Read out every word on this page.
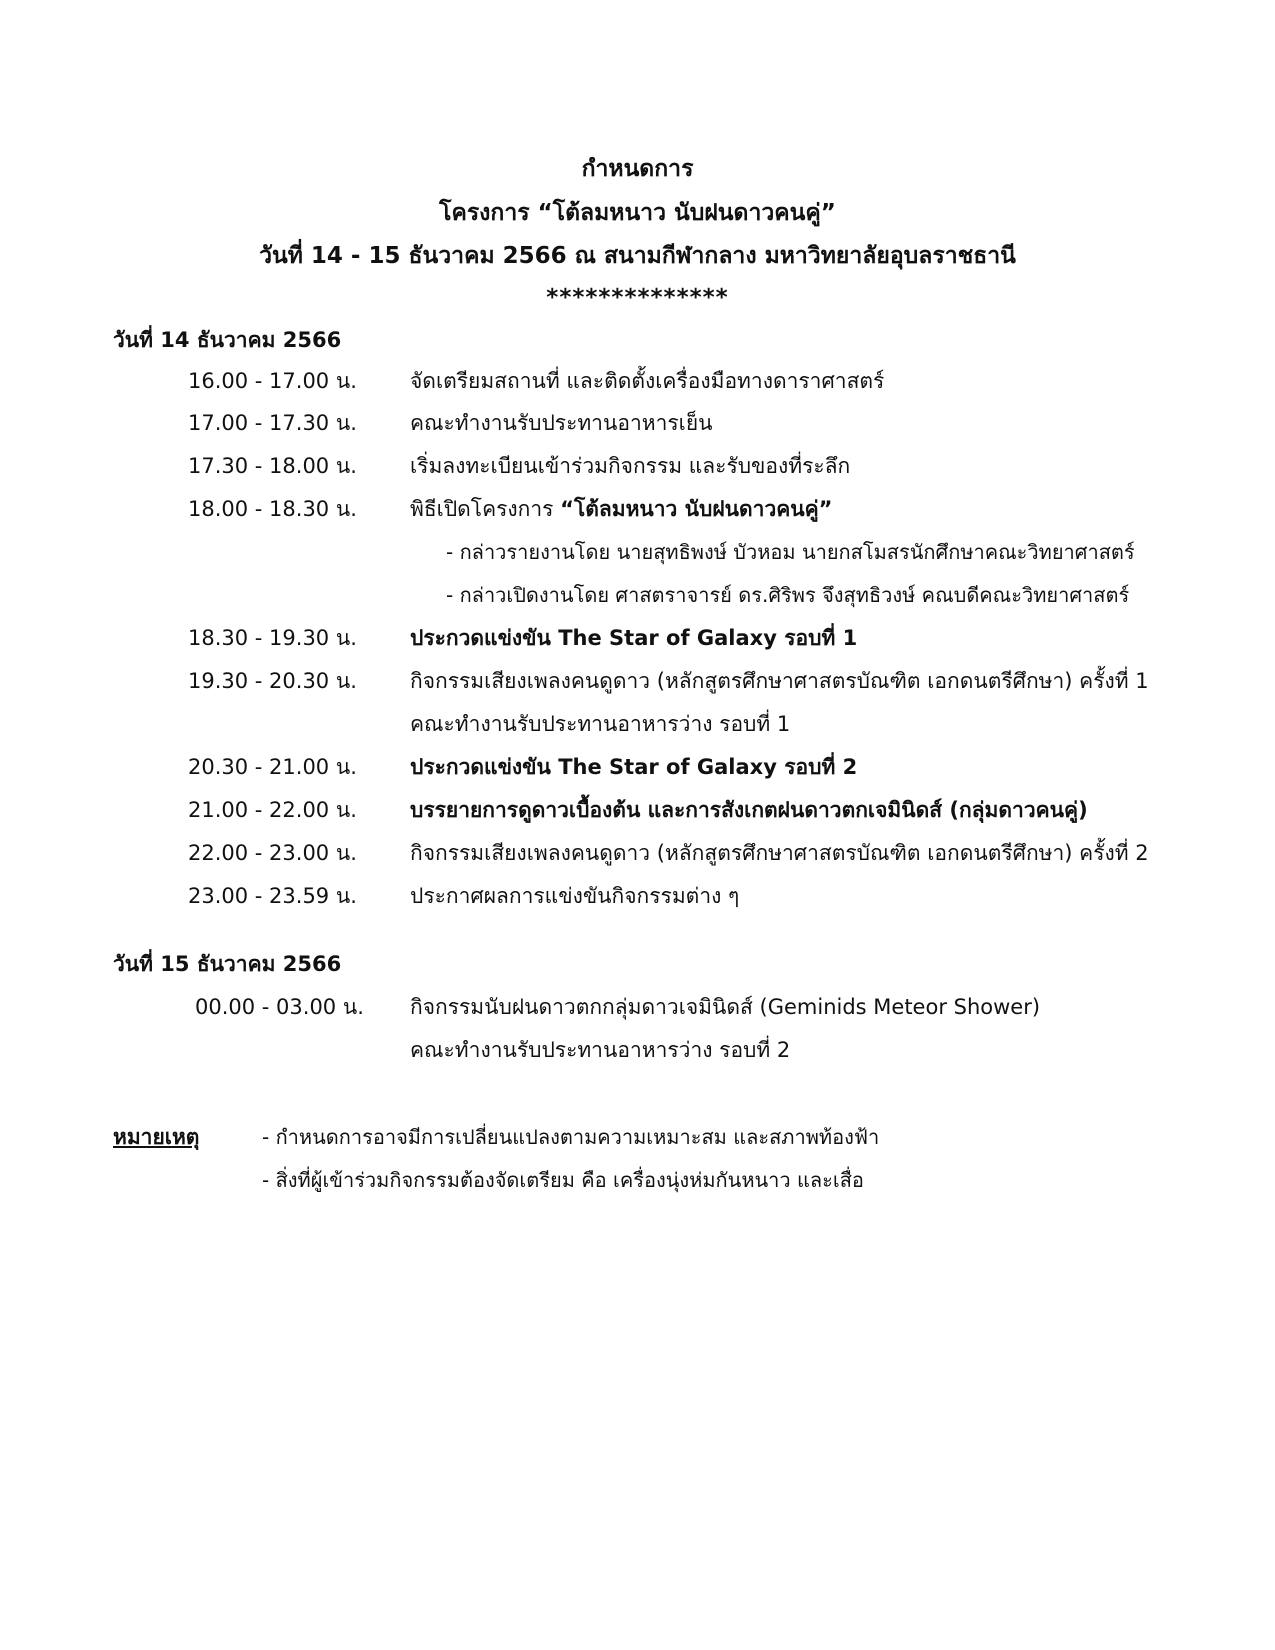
กำหนดการ
โครงการ “โต้ลมหนาว นับฝนดาวคนคู่”
วันที่ 14 - 15 ธันวาคม 2566 ณ สนามกีฬากลาง มหาวิทยาลัยอุบลราชธานี
**************
วันที่ 14 ธันวาคม 2566
16.00 - 17.00 น.	จัดเตรียมสถานที่ และติดตั้งเครื่องมือทางดาราศาสตร์
17.00 - 17.30 น.	คณะทำงานรับประทานอาหารเย็น
17.30 - 18.00 น.	เริ่มลงทะเบียนเข้าร่วมกิจกรรม และรับของที่ระลึก
18.00 - 18.30 น.	พิธีเปิดโครงการ “โต้ลมหนาว นับฝนดาวคนคู่”
- กล่าวรายงานโดย นายสุทธิพงษ์ บัวหอม นายกสโมสรนักศึกษาคณะวิทยาศาสตร์
- กล่าวเปิดงานโดย ศาสตราจารย์ ดร.ศิริพร จึงสุทธิวงษ์ คณบดีคณะวิทยาศาสตร์
18.30 - 19.30 น.	ประกวดแข่งขัน The Star of Galaxy รอบที่ 1
19.30 - 20.30 น.	กิจกรรมเสียงเพลงคนดูดาว (หลักสูตรศึกษาศาสตรบัณฑิต เอกดนตรีศึกษา) ครั้งที่ 1
คณะทำงานรับประทานอาหารว่าง รอบที่ 1
20.30 - 21.00 น.	ประกวดแข่งขัน The Star of Galaxy รอบที่ 2
21.00 - 22.00 น.	บรรยายการดูดาวเบื้องต้น และการสังเกตฝนดาวตกเจมินิดส์ (กลุ่มดาวคนคู่)
22.00 - 23.00 น.	กิจกรรมเสียงเพลงคนดูดาว (หลักสูตรศึกษาศาสตรบัณฑิต เอกดนตรีศึกษา) ครั้งที่ 2
23.00 - 23.59 น.	ประกาศผลการแข่งขันกิจกรรมต่าง ๆ
วันที่ 15 ธันวาคม 2566
00.00 - 03.00 น. กิจกรรมนับฝนดาวตกกลุ่มดาวเจมินิดส์ (Geminids Meteor Shower)
คณะทำงานรับประทานอาหารว่าง รอบที่ 2
หมายเหตุ	- กำหนดการอาจมีการเปลี่ยนแปลงตามความเหมาะสม และสภาพท้องฟ้า
- สิ่งที่ผู้เข้าร่วมกิจกรรมต้องจัดเตรียม คือ เครื่องนุ่งห่มกันหนาว และเสื่อ
